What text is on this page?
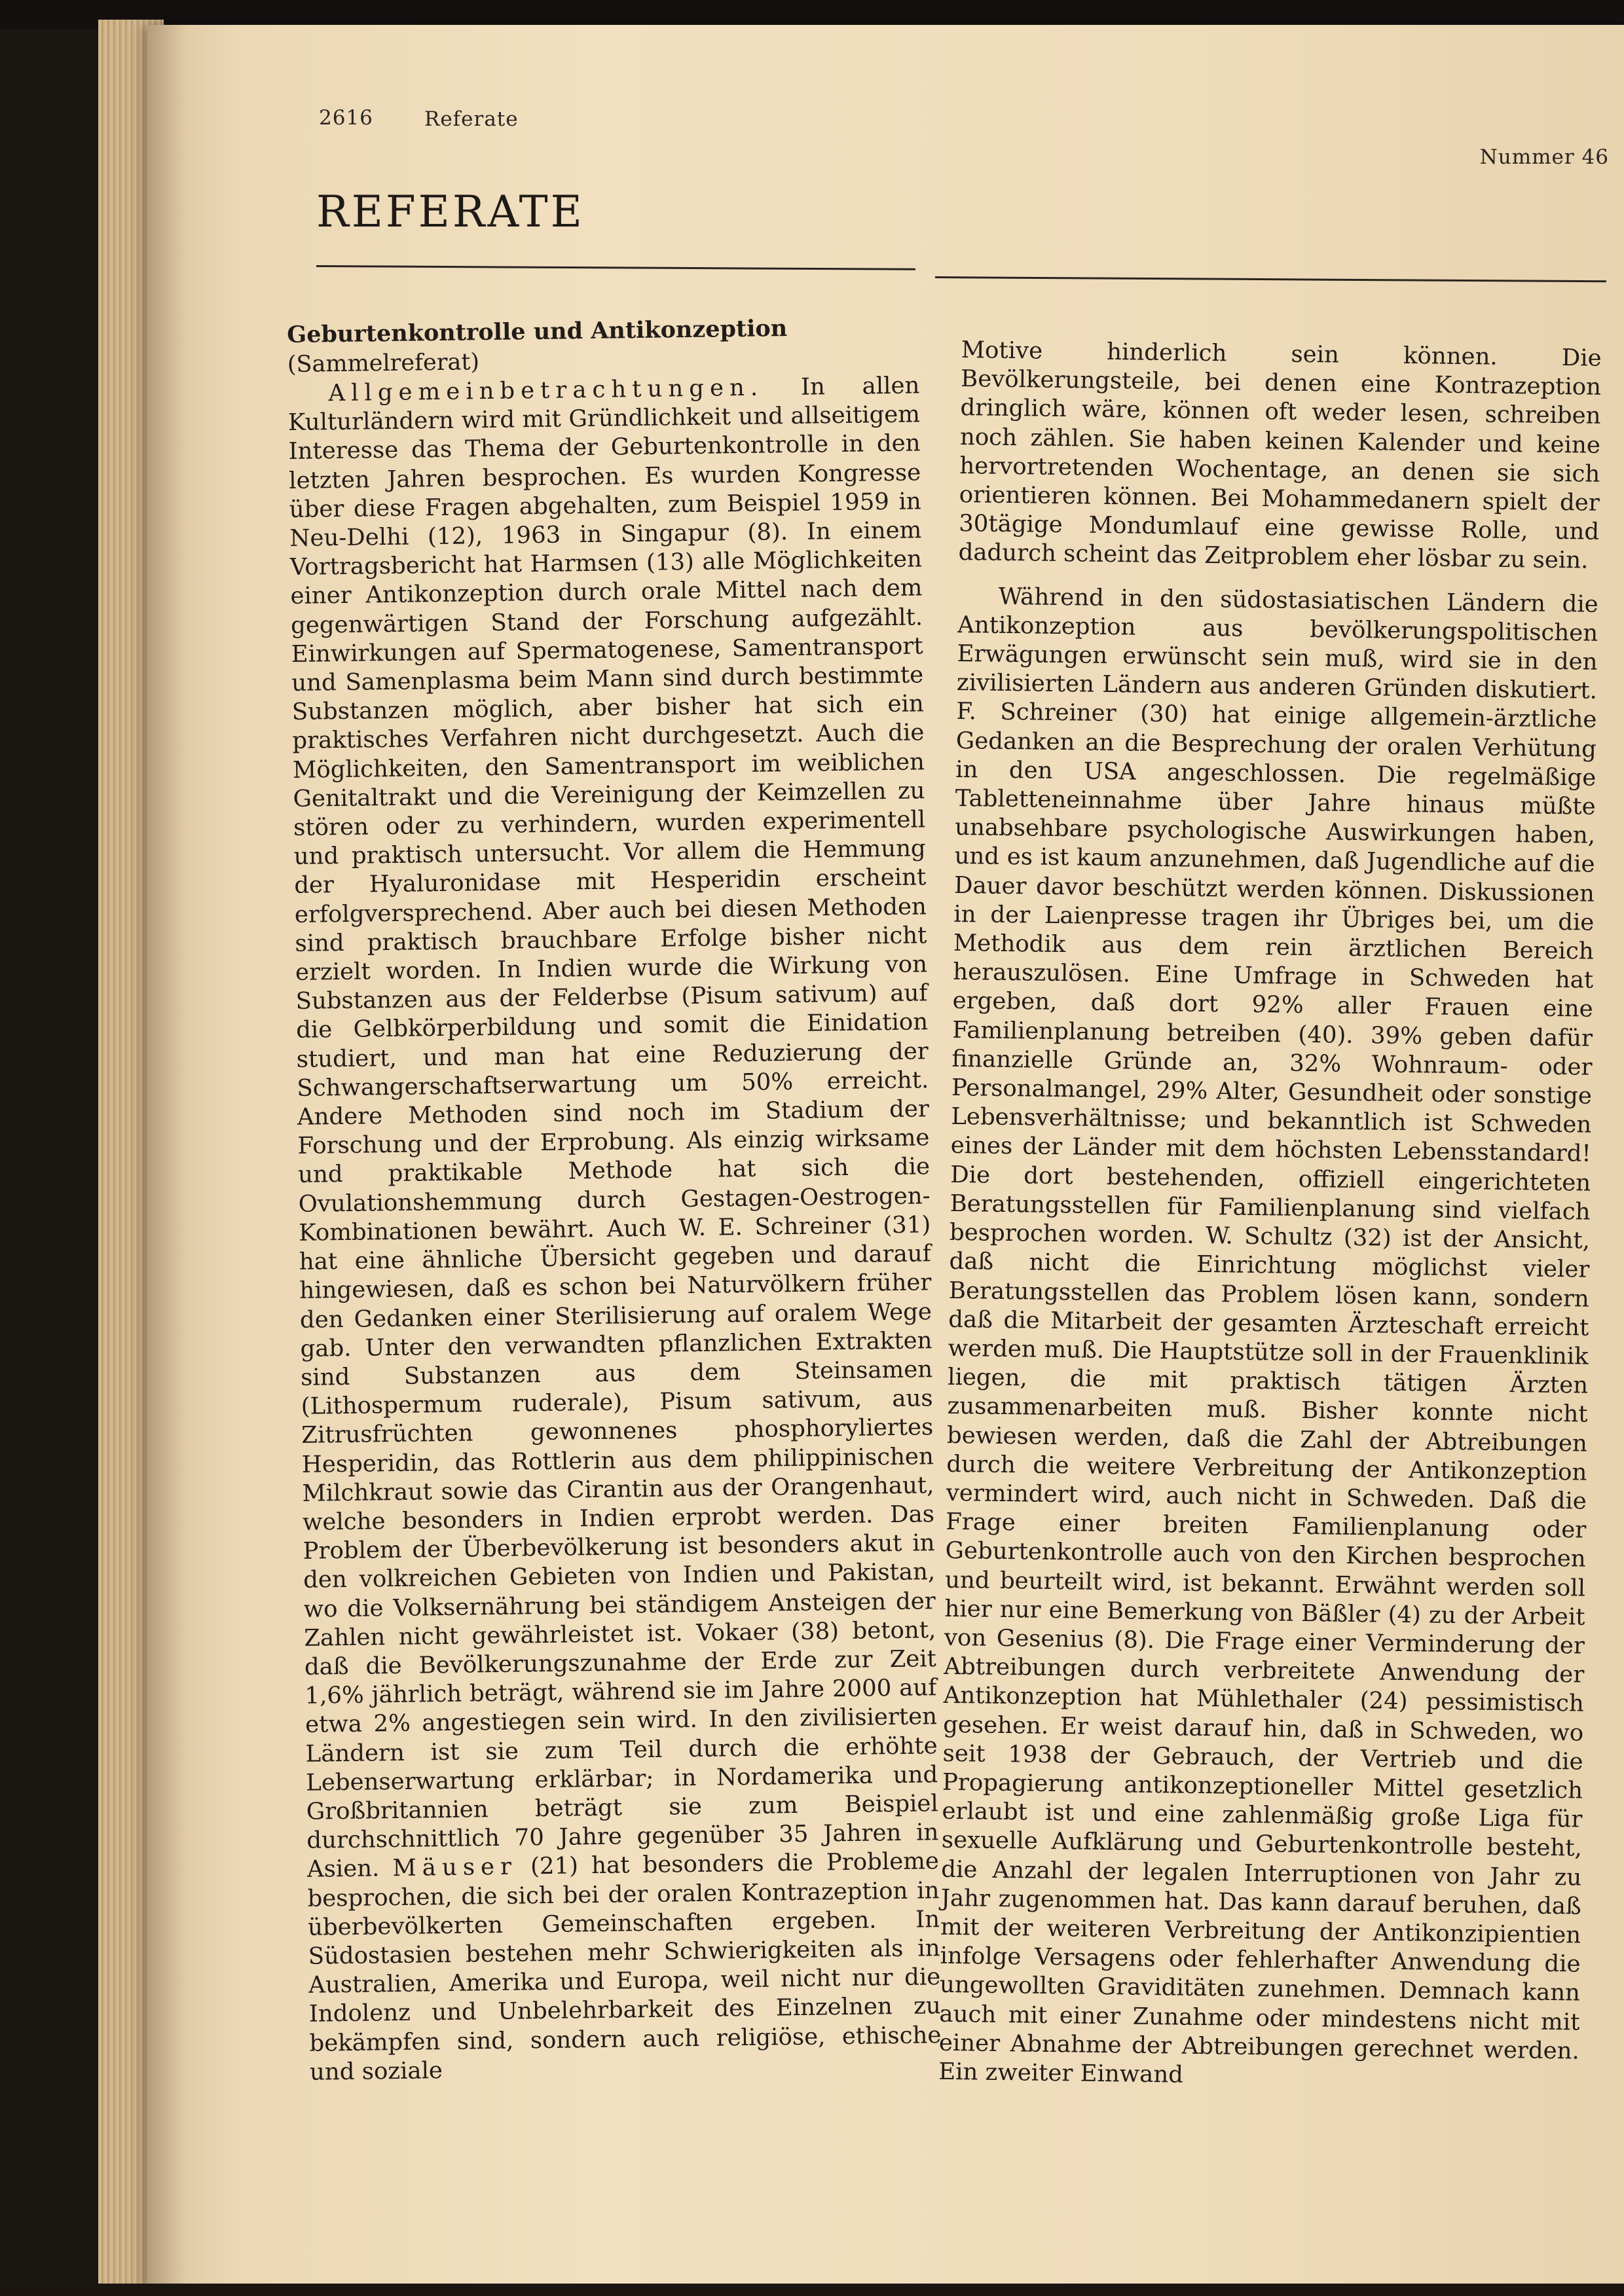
2616	Referate
Nummer 46
REFERATE
Geburtenkontrolle und Antikonzeption
(Sammelreferat)

Allgemeinbetrachtungen. In allen Kulturländern wird mit Gründlichkeit und allseitigem Interesse das Thema der Geburtenkontrolle in den letzten Jahren besprochen. Es wurden Kongresse über diese Fragen abgehalten, zum Beispiel 1959 in Neu-Delhi (12), 1963 in Singapur (8). In einem Vortragsbericht hat Harmsen (13) alle Möglichkeiten einer Antikonzeption durch orale Mittel nach dem gegenwärtigen Stand der Forschung aufgezählt. Einwirkungen auf Spermatogenese, Samentransport und Samenplasma beim Mann sind durch bestimmte Substanzen möglich, aber bisher hat sich ein praktisches Verfahren nicht durchgesetzt. Auch die Möglichkeiten, den Samentransport im weiblichen Genitaltrakt und die Vereinigung der Keimzellen zu stören oder zu verhindern, wurden experimentell und praktisch untersucht. Vor allem die Hemmung der Hyaluronidase mit Hesperidin erscheint erfolgversprechend. Aber auch bei diesen Methoden sind praktisch brauchbare Erfolge bisher nicht erzielt worden. In Indien wurde die Wirkung von Substanzen aus der Felderbse (Pisum sativum) auf die Gelbkörperbildung und somit die Einidation studiert, und man hat eine Reduzierung der Schwangerschaftserwartung um 50% erreicht. Andere Methoden sind noch im Stadium der Forschung und der Erprobung. Als einzig wirksame und praktikable Methode hat sich die Ovulationshemmung durch Gestagen-Oestrogen-Kombinationen bewährt. Auch W. E. Schreiner (31) hat eine ähnliche Übersicht gegeben und darauf hingewiesen, daß es schon bei Naturvölkern früher den Gedanken einer Sterilisierung auf oralem Wege gab. Unter den verwandten pflanzlichen Extrakten sind Substanzen aus dem Steinsamen (Lithospermum ruderale), Pisum sativum, aus Zitrusfrüchten gewonnenes phosphoryliertes Hesperidin, das Rottlerin aus dem philippinischen Milchkraut sowie das Cirantin aus der Orangenhaut, welche besonders in Indien erprobt werden. Das Problem der Überbevölkerung ist besonders akut in den volkreichen Gebieten von Indien und Pakistan, wo die Volksernährung bei ständigem Ansteigen der Zahlen nicht gewährleistet ist. Vokaer (38) betont, daß die Bevölkerungszunahme der Erde zur Zeit 1,6% jährlich beträgt, während sie im Jahre 2000 auf etwa 2% angestiegen sein wird. In den zivilisierten Ländern ist sie zum Teil durch die erhöhte Lebenserwartung erklärbar; in Nordamerika und Großbritannien beträgt sie zum Beispiel durchschnittlich 70 Jahre gegenüber 35 Jahren in Asien. Mäuser (21) hat besonders die Probleme besprochen, die sich bei der oralen Kontrazeption in überbevölkerten Gemeinschaften ergeben. In Südostasien bestehen mehr Schwierigkeiten als in Australien, Amerika und Europa, weil nicht nur die Indolenz und Unbelehrbarkeit des Einzelnen zu bekämpfen sind, sondern auch religiöse, ethische und soziale

Motive hinderlich sein können. Die Bevölkerungsteile, bei denen eine Kontrazeption dringlich wäre, können oft weder lesen, schreiben noch zählen. Sie haben keinen Kalender und keine hervortretenden Wochentage, an denen sie sich orientieren können. Bei Mohammedanern spielt der 30tägige Mondumlauf eine gewisse Rolle, und dadurch scheint das Zeitproblem eher lösbar zu sein.

Während in den südostasiatischen Ländern die Antikonzeption aus bevölkerungspolitischen Erwägungen erwünscht sein muß, wird sie in den zivilisierten Ländern aus anderen Gründen diskutiert. F. Schreiner (30) hat einige allgemein-ärztliche Gedanken an die Besprechung der oralen Verhütung in den USA angeschlossen. Die regelmäßige Tabletteneinnahme über Jahre hinaus müßte unabsehbare psychologische Auswirkungen haben, und es ist kaum anzunehmen, daß Jugendliche auf die Dauer davor beschützt werden können. Diskussionen in der Laienpresse tragen ihr Übriges bei, um die Methodik aus dem rein ärztlichen Bereich herauszulösen. Eine Umfrage in Schweden hat ergeben, daß dort 92% aller Frauen eine Familienplanung betreiben (40). 39% geben dafür finanzielle Gründe an, 32% Wohnraum- oder Personalmangel, 29% Alter, Gesundheit oder sonstige Lebensverhältnisse; und bekanntlich ist Schweden eines der Länder mit dem höchsten Lebensstandard! Die dort bestehenden, offiziell eingerichteten Beratungsstellen für Familienplanung sind vielfach besprochen worden. W. Schultz (32) ist der Ansicht, daß nicht die Einrichtung möglichst vieler Beratungsstellen das Problem lösen kann, sondern daß die Mitarbeit der gesamten Ärzteschaft erreicht werden muß. Die Hauptstütze soll in der Frauenklinik liegen, die mit praktisch tätigen Ärzten zusammenarbeiten muß. Bisher konnte nicht bewiesen werden, daß die Zahl der Abtreibungen durch die weitere Verbreitung der Antikonzeption vermindert wird, auch nicht in Schweden. Daß die Frage einer breiten Familienplanung oder Geburtenkontrolle auch von den Kirchen besprochen und beurteilt wird, ist bekannt. Erwähnt werden soll hier nur eine Bemerkung von Bäßler (4) zu der Arbeit von Gesenius (8). Die Frage einer Verminderung der Abtreibungen durch verbreitete Anwendung der Antikonzeption hat Mühlethaler (24) pessimistisch gesehen. Er weist darauf hin, daß in Schweden, wo seit 1938 der Gebrauch, der Vertrieb und die Propagierung antikonzeptioneller Mittel gesetzlich erlaubt ist und eine zahlenmäßig große Liga für sexuelle Aufklärung und Geburtenkontrolle besteht, die Anzahl der legalen Interruptionen von Jahr zu Jahr zugenommen hat. Das kann darauf beruhen, daß mit der weiteren Verbreitung der Antikonzipientien infolge Versagens oder fehlerhafter Anwendung die ungewollten Graviditäten zunehmen. Demnach kann auch mit einer Zunahme oder mindestens nicht mit einer Abnahme der Abtreibungen gerechnet werden. Ein zweiter Einwand
